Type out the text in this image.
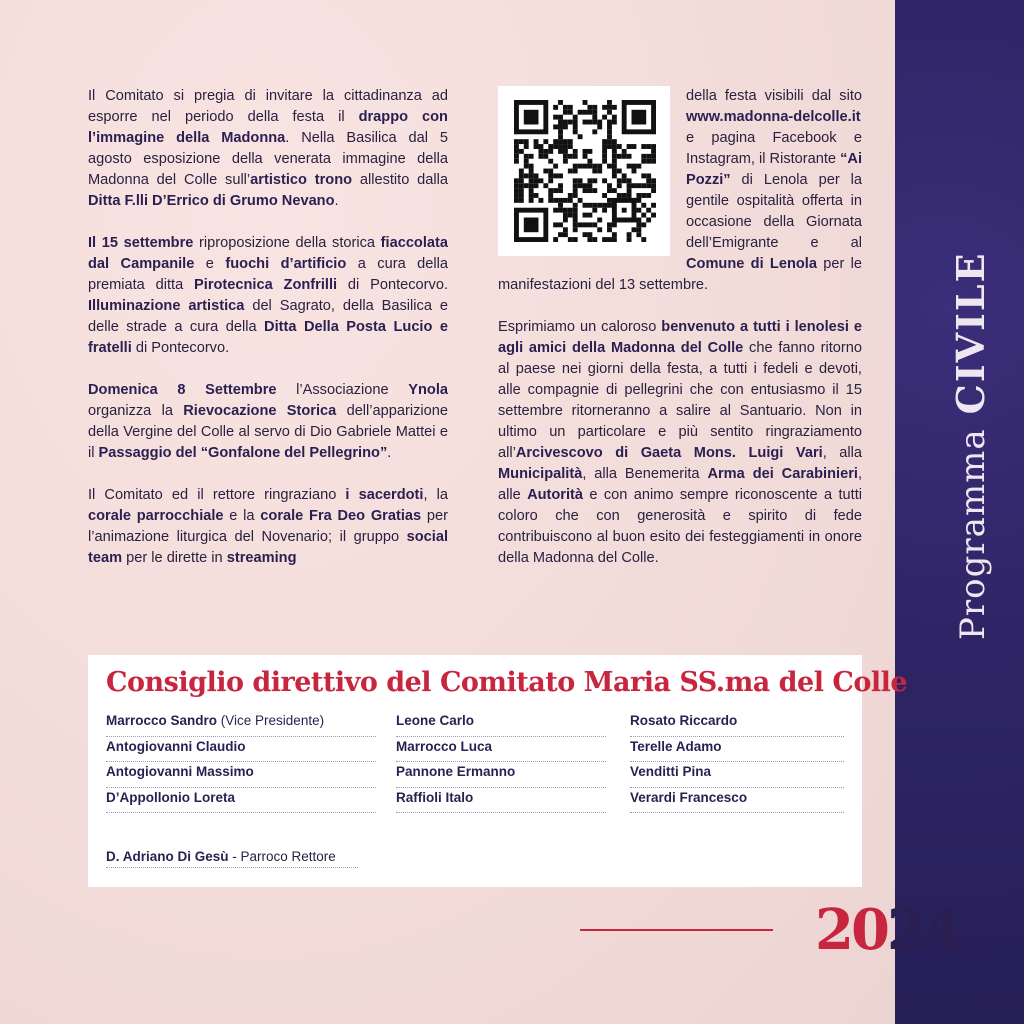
ProgrammaCIVILE

Il Comitato si pregia di invitare la cittadinanza ad esporre nel periodo della festa il drappo con l’immagine della Madonna. Nella Basilica dal 5 agosto esposizione della venerata immagine della Madonna del Colle sull’artistico trono allestito dalla Ditta F.lli D’Errico di Grumo Nevano.

Il 15 settembre riproposizione della storica fiaccolata dal Campanile e fuochi d’artificio a cura della premiata ditta Pirotecnica Zonfrilli di Pontecorvo. Illuminazione artistica del Sagrato, della Basilica e delle strade a cura della Ditta Della Posta Lucio e fratelli di Pontecorvo.

Domenica 8 Settembre l’Associazione Ynola organizza la Rievocazione Storica dell’apparizione della Vergine del Colle al servo di Dio Gabriele Mattei e il Passaggio del “Gonfalone del Pellegrino”.

Il Comitato ed il rettore ringraziano i sacerdoti, la corale parrocchiale e la corale Fra Deo Gratias per l’animazione liturgica del Novenario; il gruppo social team per le dirette in streaming

della festa visibili dal sito www.madonna-delcolle.it e pagina Facebook e Instagram, il Ristorante “Ai Pozzi” di Lenola per la gentile ospitalità offerta in occasione della Giornata dell’Emigrante e al Comune di Lenola per le manifestazioni del 13 settembre.

Esprimiamo un caloroso benvenuto a tutti i lenolesi e agli amici della Madonna del Colle che fanno ritorno al paese nei giorni della festa, a tutti i fedeli e devoti, alle compagnie di pellegrini che con entusiasmo il 15 settembre ritorneranno a salire al Santuario. Non in ultimo un particolare e più sentito ringraziamento all’Arcivescovo di Gaeta Mons. Luigi Vari, alla Municipalità, alla Benemerita Arma dei Carabinieri, alle Autorità e con animo sempre riconoscente a tutti coloro che con generosità e spirito di fede contribuiscono al buon esito dei festeggiamenti in onore della Madonna del Colle.

Consiglio direttivo del Comitato Maria SS.ma del Colle
Marrocco Sandro (Vice Presidente)
Antogiovanni Claudio
Antogiovanni Massimo
D’Appollonio Loreta
Leone Carlo
Marrocco Luca
Pannone Ermanno
Raffioli Italo
Rosato Riccardo
Terelle Adamo
Venditti Pina
Verardi Francesco
D. Adriano Di Gesù - Parroco Rettore
2024
